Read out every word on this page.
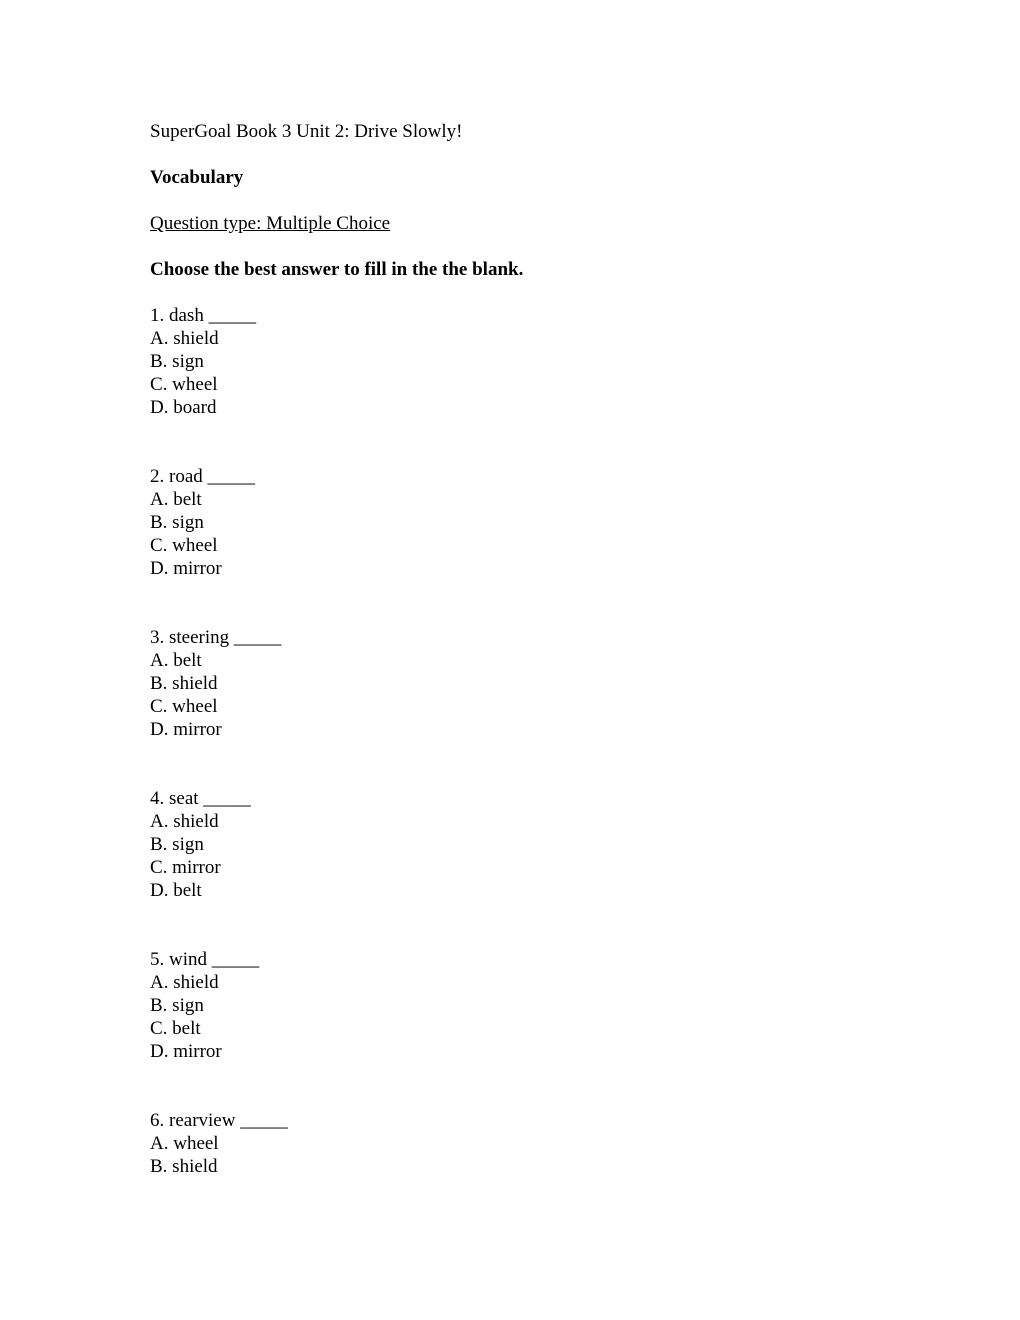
SuperGoal Book 3 Unit 2: Drive Slowly!
Vocabulary
Question type: Multiple Choice
Choose the best answer to fill in the the blank.
1. dash _____
A. shield
B. sign
C. wheel
D. board
2. road _____
A. belt
B. sign
C. wheel
D. mirror
3. steering _____
A. belt
B. shield
C. wheel
D. mirror
4. seat _____
A. shield
B. sign
C. mirror
D. belt
5. wind _____
A. shield
B. sign
C. belt
D. mirror
6. rearview _____
A. wheel
B. shield
